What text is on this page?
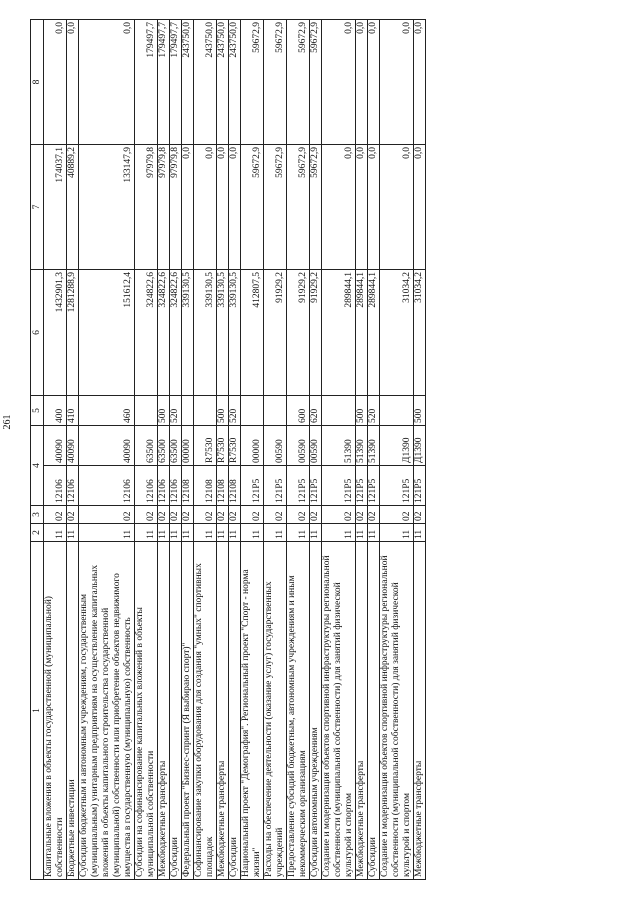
261
1	2	3	4		5	6	7	8
Капитальные вложения в объекты государственной (муниципальной) собственности	11	02	12106	40090	400	1432901,3	174037,1	0,0
Бюджетные инвестиции	11	02	12106	40090	410	1281288,9	40889,2	0,0
Субсидии бюджетным и автономным учреждениям, государственным (муниципальным) унитарным предприятиям на осуществление капитальных вложений в объекты капитального строительства государственной (муниципальной) собственности или приобретение объектов недвижимого имущества в государственную (муниципальную) собственность	11	02	12106	40090	460	151612,4	133147,9	0,0
Субсидии на софинансирование капитальных вложений в объекты муниципальной собственности	11	02	12106	63500		324822,6	97979,8	179497,7
Межбюджетные трансферты	11	02	12106	63500	500	324822,6	97979,8	179497,7
Субсидии	11	02	12106	63500	520	324822,6	97979,8	179497,7
Федеральный проект "Бизнес-спринт (Я выбираю спорт)"	11	02	12108	00000		339130,5	0,0	243750,0
Софинансирование закупки оборудования для создания "умных" спортивных площадок	11	02	12108	R7530		339130,5	0,0	243750,0
Межбюджетные трансферты	11	02	12108	R7530	500	339130,5	0,0	243750,0
Субсидии	11	02	12108	R7530	520	339130,5	0,0	243750,0
Национальный проект "Демография". Региональный проект "Спорт - норма жизни"	11	02	121P5	00000		412807,5	59672,9	59672,9
Расходы на обеспечение деятельности (оказание услуг) государственных учреждений	11	02	121P5	00590		91929,2	59672,9	59672,9
Предоставление субсидий бюджетным, автономным учреждениям и иным некоммерческим организациям	11	02	121P5	00590	600	91929,2	59672,9	59672,9
Субсидии автономным учреждениям	11	02	121P5	00590	620	91929,2	59672,9	59672,9
Создание и модернизация объектов спортивной инфраструктуры региональной собственности (муниципальной собственности) для занятий физической культурой и спортом	11	02	121P5	51390		289844,1	0,0	0,0
Межбюджетные трансферты	11	02	121P5	51390	500	289844,1	0,0	0,0
Субсидии	11	02	121P5	51390	520	289844,1	0,0	0,0
Создание и модернизация объектов спортивной инфраструктуры региональной собственности (муниципальной собственности) для занятий физической культурой и спортом	11	02	121P5	Д1390		31034,2	0,0	0,0
Межбюджетные трансферты	11	02	121P5	Д1390	500	31034,2	0,0	0,0
